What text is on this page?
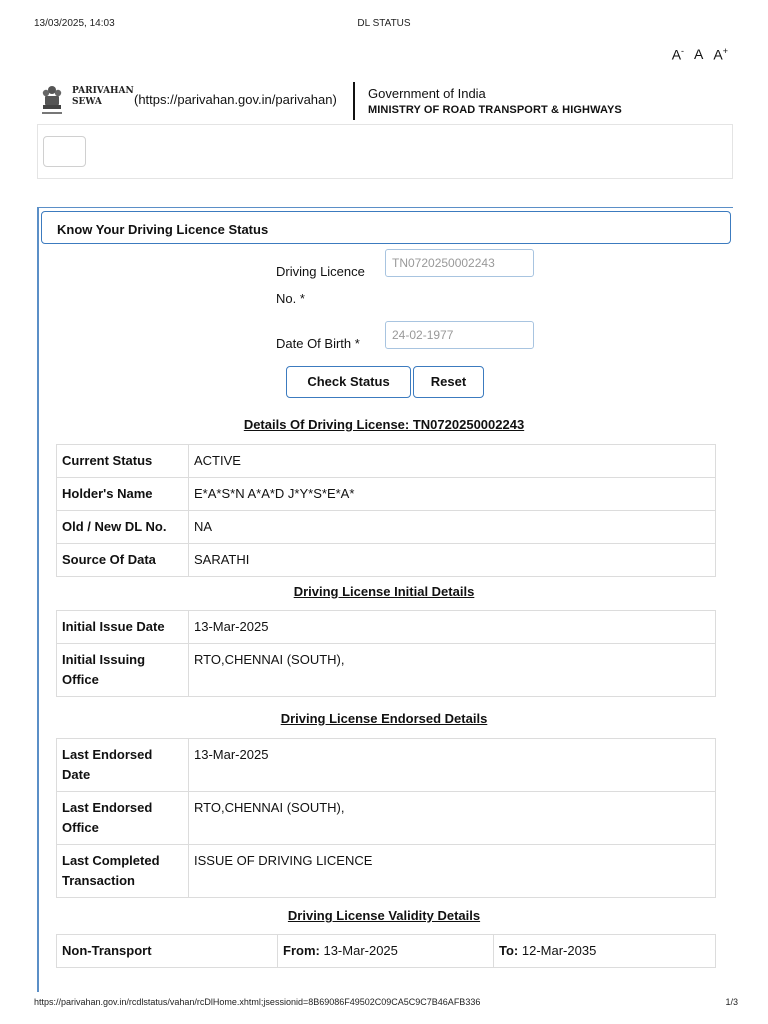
13/03/2025, 14:03	DL STATUS
A- A A+
PARIVAHAN
SEWA	(https://parivahan.gov.in/parivahan) Government of India
MINISTRY OF ROAD TRANSPORT & HIGHWAYS
Know Your Driving Licence Status
Driving Licence
No. *
TN0720250002243
Date Of Birth *
24-02-1977
Check Status	Reset
Details Of Driving License: TN0720250002243
Current Status	ACTIVE
Holder's Name	E*A*S*N A*A*D J*Y*S*E*A*
Old / New DL No.	NA
Source Of Data	SARATHI
Driving License Initial Details
Initial Issue Date	13-Mar-2025
Initial Issuing Office	RTO,CHENNAI (SOUTH),
Driving License Endorsed Details
Last Endorsed Date	13-Mar-2025
Last Endorsed Office	RTO,CHENNAI (SOUTH),
Last Completed Transaction	ISSUE OF DRIVING LICENCE
Driving License Validity Details
Non-Transport	From: 13-Mar-2025	To: 12-Mar-2035
https://parivahan.gov.in/rcdlstatus/vahan/rcDlHome.xhtml;jsessionid=8B69086F49502C09CA5C9C7B46AFB336	1/3
